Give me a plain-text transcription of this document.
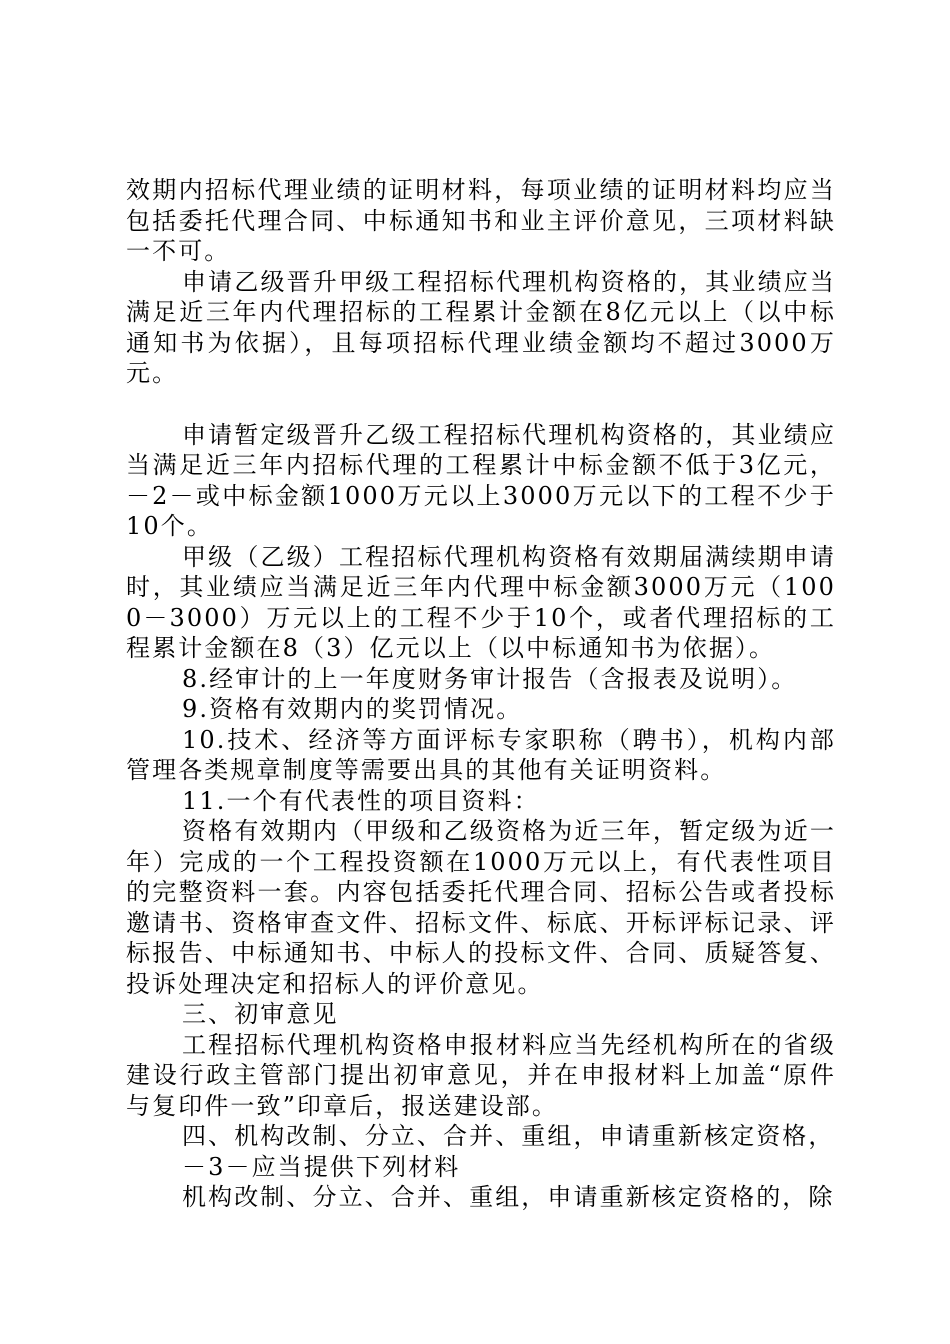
效期内招标代理业绩的证明材料，每项业绩的证明材料均应当包括委托代理合同、中标通知书和业主评价意见，三项材料缺一不可。

申请乙级晋升甲级工程招标代理机构资格的，其业绩应当满足近三年内代理招标的工程累计金额在8亿元以上（以中标通知书为依据），且每项招标代理业绩金额均不超过3000万元。

申请暂定级晋升乙级工程招标代理机构资格的，其业绩应当满足近三年内招标代理的工程累计中标金额不低于3亿元，－2－或中标金额1000万元以上3000万元以下的工程不少于10个。

甲级（乙级）工程招标代理机构资格有效期届满续期申请时，其业绩应当满足近三年内代理中标金额3000万元（1000－3000）万元以上的工程不少于10个，或者代理招标的工程累计金额在8（3）亿元以上（以中标通知书为依据）。

8.经审计的上一年度财务审计报告（含报表及说明）。

9.资格有效期内的奖罚情况。

10.技术、经济等方面评标专家职称（聘书），机构内部管理各类规章制度等需要出具的其他有关证明资料。

11.一个有代表性的项目资料：

资格有效期内（甲级和乙级资格为近三年，暂定级为近一年）完成的一个工程投资额在1000万元以上，有代表性项目的完整资料一套。内容包括委托代理合同、招标公告或者投标邀请书、资格审查文件、招标文件、标底、开标评标记录、评标报告、中标通知书、中标人的投标文件、合同、质疑答复、投诉处理决定和招标人的评价意见。

三、初审意见

工程招标代理机构资格申报材料应当先经机构所在的省级建设行政主管部门提出初审意见，并在申报材料上加盖“原件与复印件一致”印章后，报送建设部。

四、机构改制、分立、合并、重组，申请重新核定资格，

－3－应当提供下列材料

机构改制、分立、合并、重组，申请重新核定资格的，除
